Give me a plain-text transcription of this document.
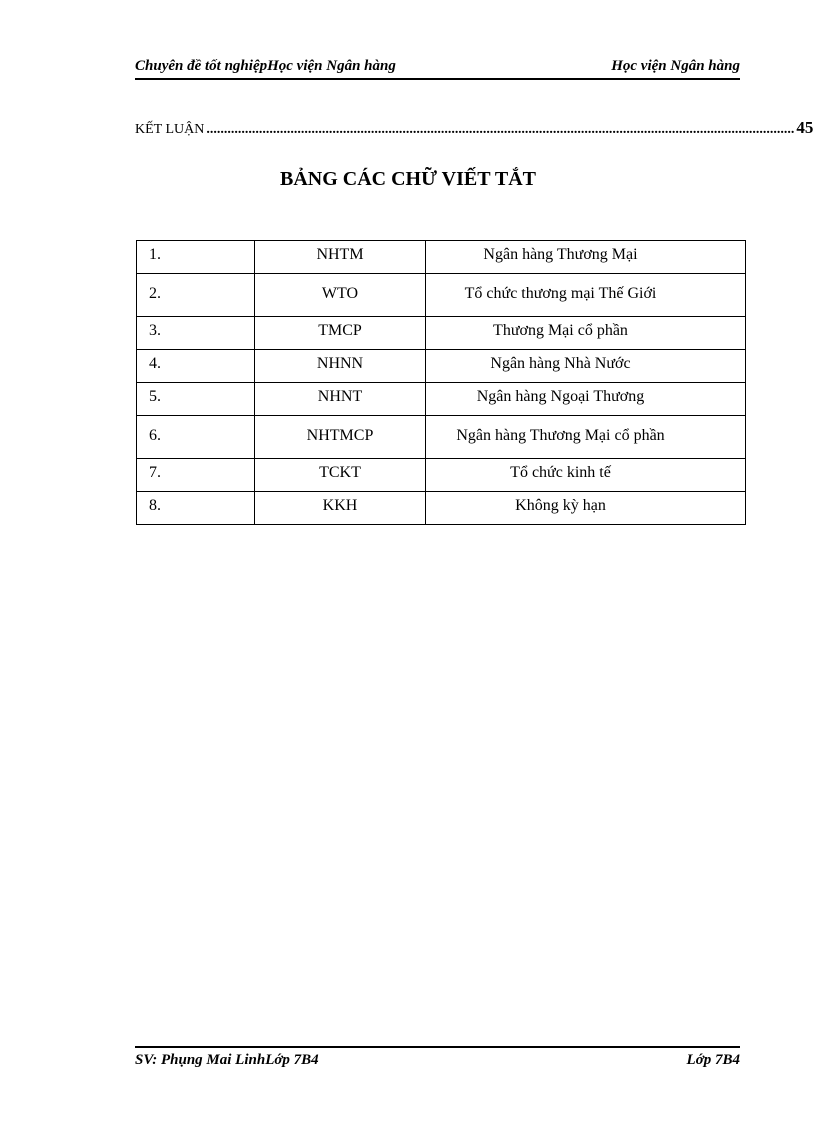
Chuyên đề tốt nghiệpHọc viện Ngân hàng	Học viện Ngân hàng
KẾT LUẬN ........................................................................................................................................................................ 45
BẢNG CÁC CHỮ VIẾT TẮT
1.	NHTM	Ngân hàng Thương Mại
2.	WTO	Tổ chức thương mại Thế Giới
3.	TMCP	Thương Mại cổ phần
4.	NHNN	Ngân hàng Nhà Nước
5.	NHNT	Ngân hàng Ngoại Thương
6.	NHTMCP	Ngân hàng Thương Mại cổ phần
7.	TCKT	Tổ chức kinh tế
8.	KKH	Không kỳ hạn
SV: Phụng Mai LinhLớp 7B4	Lớp 7B4
